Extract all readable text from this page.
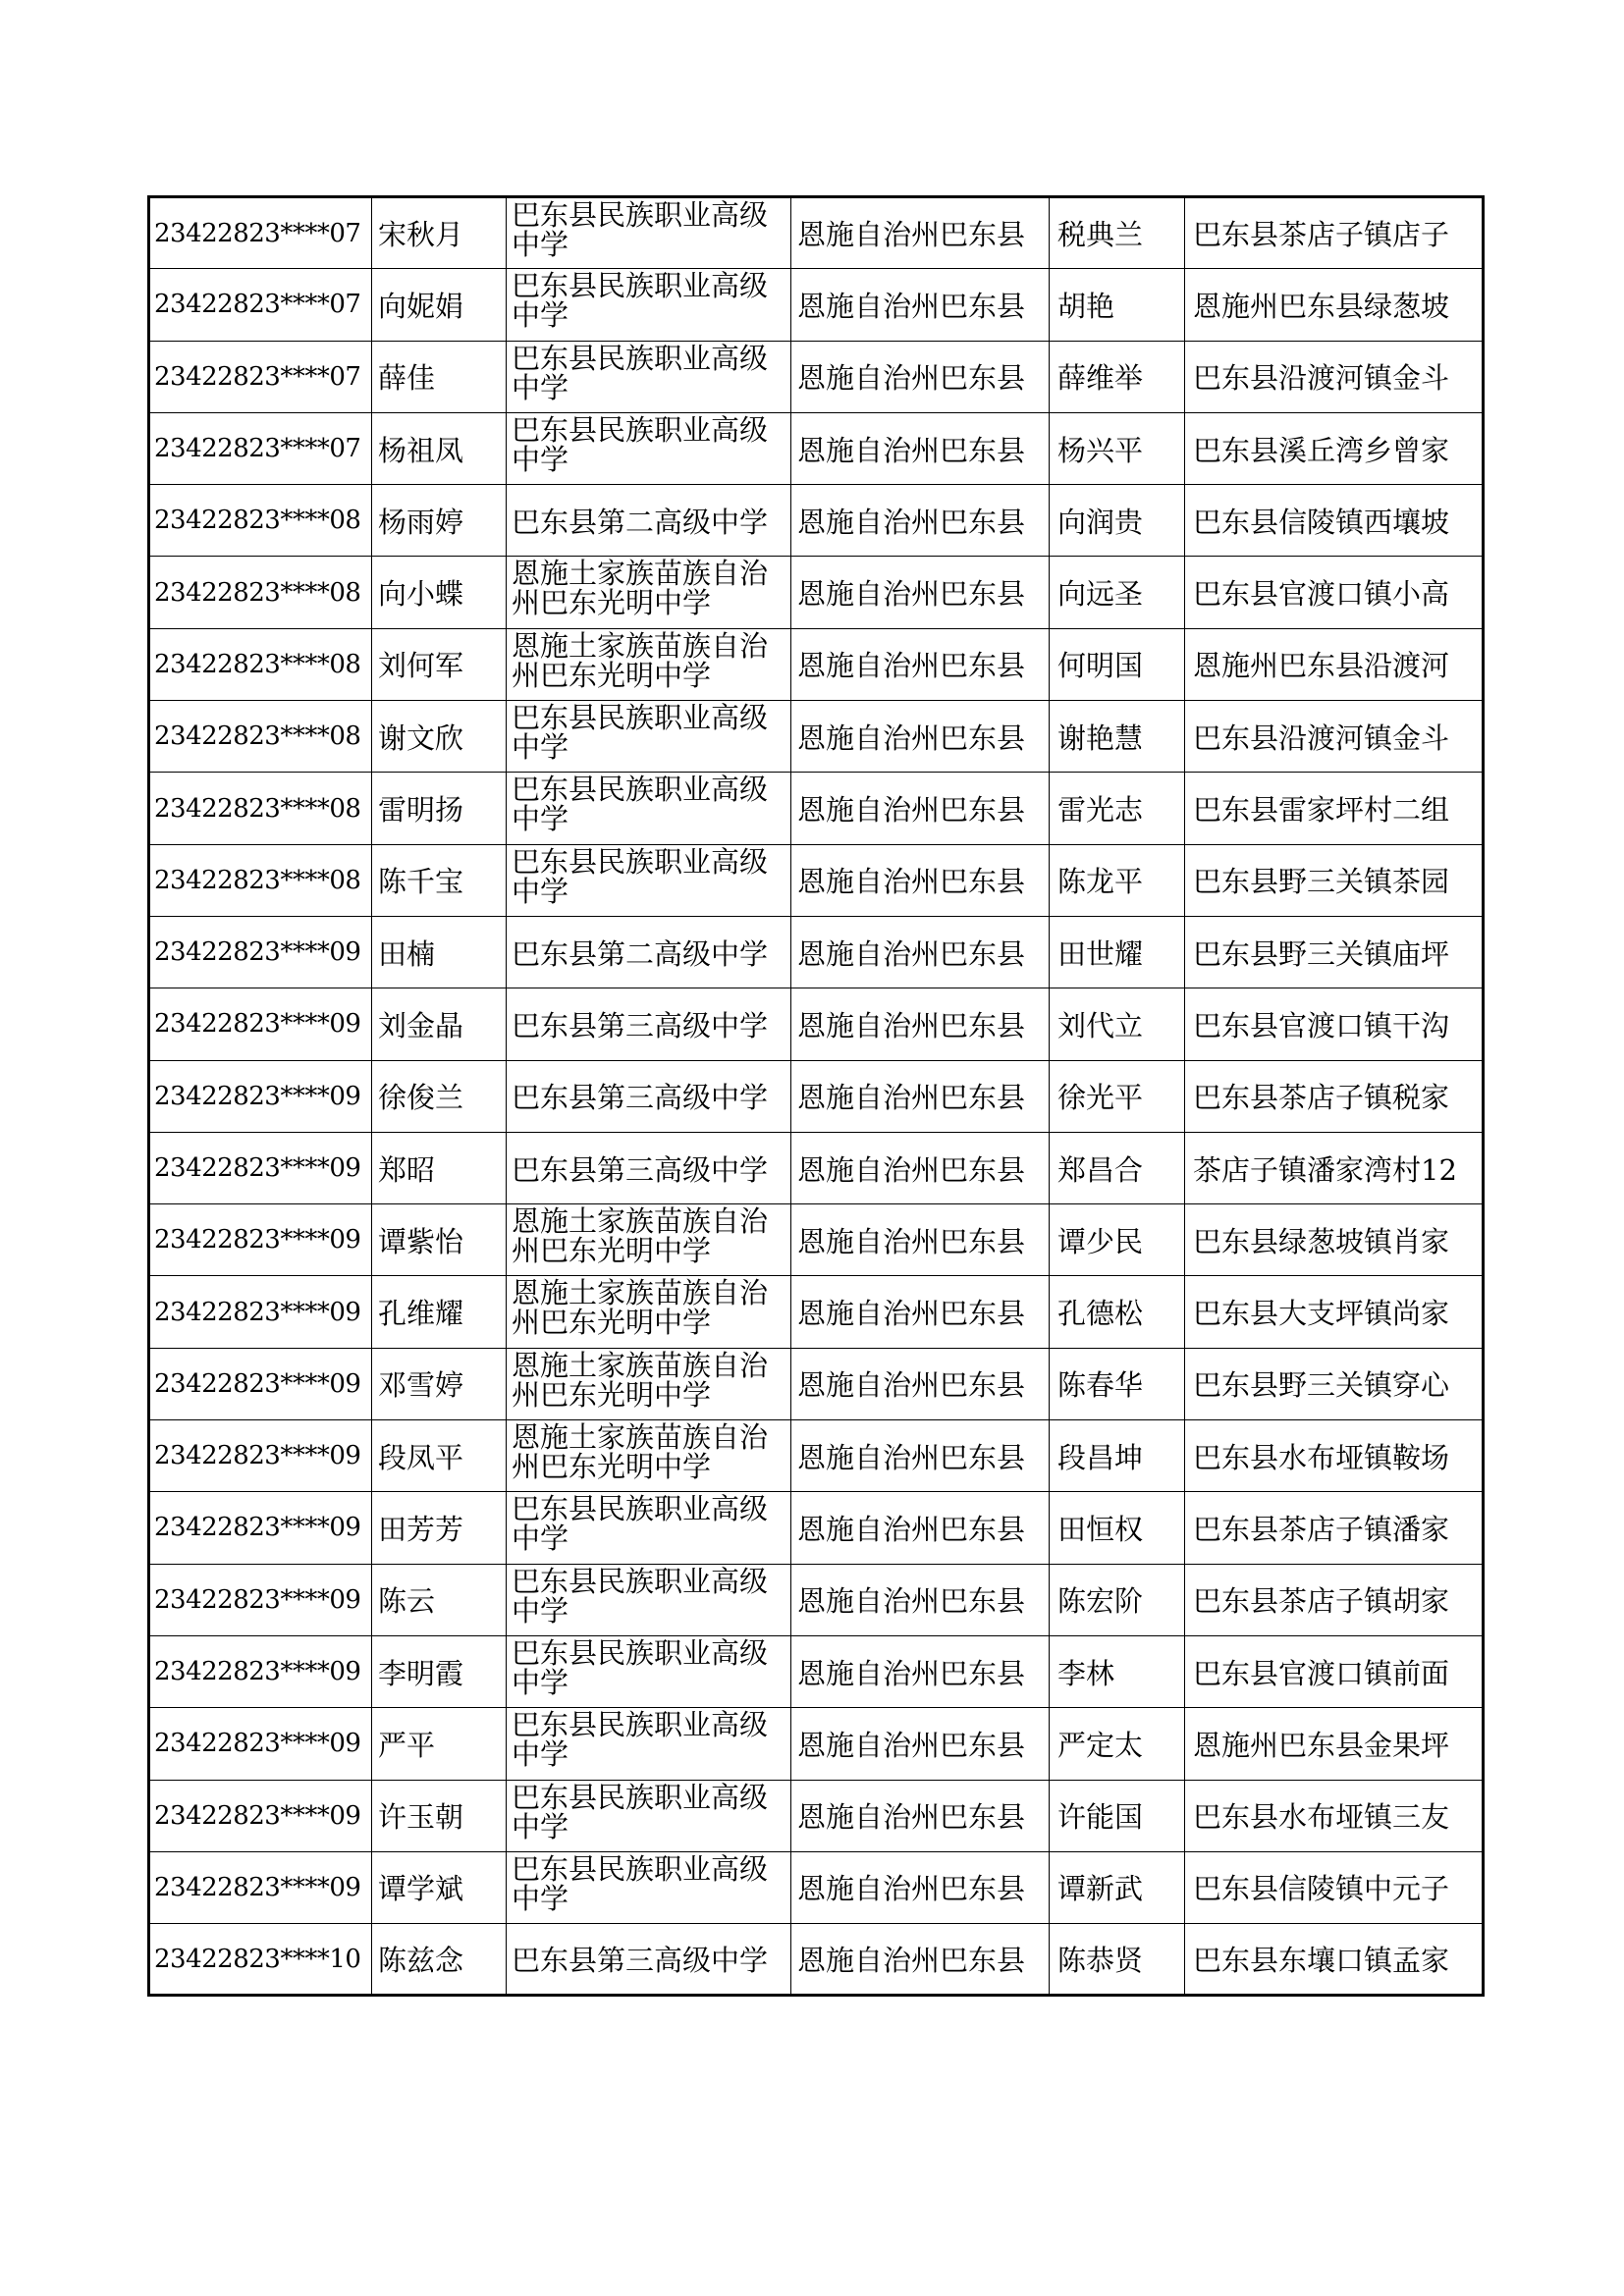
23422823****07	宋秋月	巴东县民族职业高级中学	恩施自治州巴东县	税典兰	巴东县茶店子镇店子
23422823****07	向妮娟	巴东县民族职业高级中学	恩施自治州巴东县	胡艳	恩施州巴东县绿葱坡
23422823****07	薛佳	巴东县民族职业高级中学	恩施自治州巴东县	薛维举	巴东县沿渡河镇金斗
23422823****07	杨祖凤	巴东县民族职业高级中学	恩施自治州巴东县	杨兴平	巴东县溪丘湾乡曾家
23422823****08	杨雨婷	巴东县第二高级中学	恩施自治州巴东县	向润贵	巴东县信陵镇西壤坡
23422823****08	向小蝶	恩施土家族苗族自治州巴东光明中学	恩施自治州巴东县	向远圣	巴东县官渡口镇小高
23422823****08	刘何军	恩施土家族苗族自治州巴东光明中学	恩施自治州巴东县	何明国	恩施州巴东县沿渡河
23422823****08	谢文欣	巴东县民族职业高级中学	恩施自治州巴东县	谢艳慧	巴东县沿渡河镇金斗
23422823****08	雷明扬	巴东县民族职业高级中学	恩施自治州巴东县	雷光志	巴东县雷家坪村二组
23422823****08	陈千宝	巴东县民族职业高级中学	恩施自治州巴东县	陈龙平	巴东县野三关镇茶园
23422823****09	田楠	巴东县第二高级中学	恩施自治州巴东县	田世耀	巴东县野三关镇庙坪
23422823****09	刘金晶	巴东县第三高级中学	恩施自治州巴东县	刘代立	巴东县官渡口镇干沟
23422823****09	徐俊兰	巴东县第三高级中学	恩施自治州巴东县	徐光平	巴东县茶店子镇税家
23422823****09	郑昭	巴东县第三高级中学	恩施自治州巴东县	郑昌合	茶店子镇潘家湾村12
23422823****09	谭紫怡	恩施土家族苗族自治州巴东光明中学	恩施自治州巴东县	谭少民	巴东县绿葱坡镇肖家
23422823****09	孔维耀	恩施土家族苗族自治州巴东光明中学	恩施自治州巴东县	孔德松	巴东县大支坪镇尚家
23422823****09	邓雪婷	恩施土家族苗族自治州巴东光明中学	恩施自治州巴东县	陈春华	巴东县野三关镇穿心
23422823****09	段凤平	恩施土家族苗族自治州巴东光明中学	恩施自治州巴东县	段昌坤	巴东县水布垭镇鞍场
23422823****09	田芳芳	巴东县民族职业高级中学	恩施自治州巴东县	田恒权	巴东县茶店子镇潘家
23422823****09	陈云	巴东县民族职业高级中学	恩施自治州巴东县	陈宏阶	巴东县茶店子镇胡家
23422823****09	李明霞	巴东县民族职业高级中学	恩施自治州巴东县	李林	巴东县官渡口镇前面
23422823****09	严平	巴东县民族职业高级中学	恩施自治州巴东县	严定太	恩施州巴东县金果坪
23422823****09	许玉朝	巴东县民族职业高级中学	恩施自治州巴东县	许能国	巴东县水布垭镇三友
23422823****09	谭学斌	巴东县民族职业高级中学	恩施自治州巴东县	谭新武	巴东县信陵镇中元子
23422823****10	陈兹念	巴东县第三高级中学	恩施自治州巴东县	陈恭贤	巴东县东壤口镇孟家
